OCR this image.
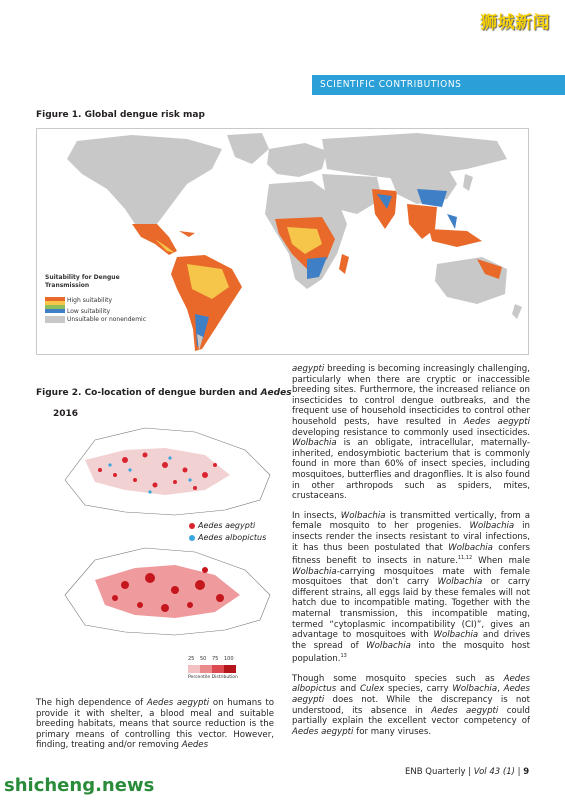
狮城新闻
SCIENTIFIC CONTRIBUTIONS
Figure 1. Global dengue risk map
Suitability for Dengue
Transmission
High suitability
Low suitability
Unsuitable or nonendemic
Figure 2. Co-location of dengue burden and Aedes
2016
Aedes aegypti
Aedes albopictus
25 50 75 100
Percentile Distribution

The high dependence of Aedes aegypti on humans to provide it with shelter, a blood meal and suitable breeding habitats, means that source reduction is the primary means of controlling this vector. However, finding, treating and/or removing Aedes

aegypti breeding is becoming increasingly challenging, particularly when there are cryptic or inaccessible breeding sites. Furthermore, the increased reliance on insecticides to control dengue outbreaks, and the frequent use of household insecticides to control other household pests, have resulted in Aedes aegypti developing resistance to commonly used insecticides. Wolbachia is an obligate, intracellular, maternally-inherited, endosymbiotic bacterium that is commonly found in more than 60% of insect species, including mosquitoes, butterflies and dragonflies. It is also found in other arthropods such as spiders, mites, crustaceans.

In insects, Wolbachia is transmitted vertically, from a female mosquito to her progenies. Wolbachia in insects render the insects resistant to viral infections, it has thus been postulated that Wolbachia confers fitness benefit to insects in nature.$^{11,12}$ When male Wolbachia-carrying mosquitoes mate with female mosquitoes that don’t carry Wolbachia or carry different strains, all eggs laid by these females will not hatch due to incompatible mating. Together with the maternal transmission, this incompatible mating, termed “cytoplasmic incompatibility (CI)”, gives an advantage to mosquitoes with Wolbachia and drives the spread of Wolbachia into the mosquito host population.$^{13}$

Though some mosquito species such as Aedes albopictus and Culex species, carry Wolbachia, Aedes aegypti does not. While the discrepancy is not understood, its absence in Aedes aegypti could partially explain the excellent vector competency of Aedes aegypti for many viruses.

ENB Quarterly | Vol 43 (1) | 9
shicheng.news
